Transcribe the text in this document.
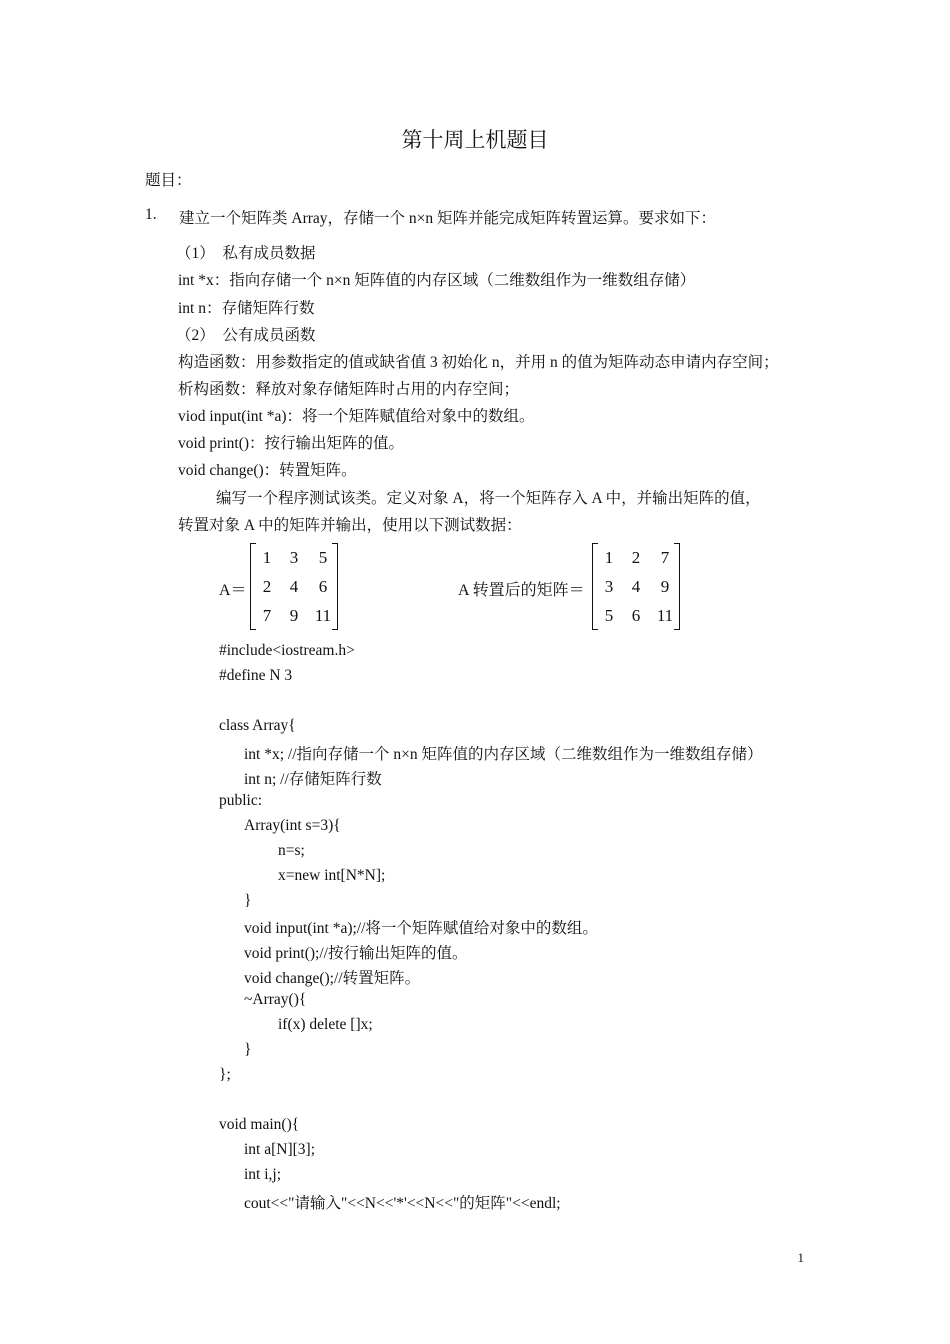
第十周上机题目
题目：
1. 建立一个矩阵类 Array，存储一个 n×n 矩阵并能完成矩阵转置运算。要求如下：
（1）　私有成员数据
int *x：指向存储一个 n×n 矩阵值的内存区域（二维数组作为一维数组存储）
int n：存储矩阵行数
（2）　公有成员函数
构造函数：用参数指定的值或缺省值 3 初始化 n，并用 n 的值为矩阵动态申请内存空间；
析构函数：释放对象存储矩阵时占用的内存空间；
viod input(int *a)：将一个矩阵赋值给对象中的数组。
void print()：按行输出矩阵的值。
void change()：转置矩阵。
编写一个程序测试该类。定义对象 A，将一个矩阵存入 A 中，并输出矩阵的值，
转置对象 A 中的矩阵并输出，使用以下测试数据：
A＝
1	3	5
2	4	6
7	9	11
A 转置后的矩阵＝
1	2	7
3	4	9
5	6	11
#include<iostream.h>
#define N 3
class Array{
int *x; //指向存储一个 n×n 矩阵值的内存区域（二维数组作为一维数组存储）
int n; //存储矩阵行数
public:
Array(int s=3){
n=s;
x=new int[N*N];
}
void input(int *a);//将一个矩阵赋值给对象中的数组。
void print();//按行输出矩阵的值。
void change();//转置矩阵。
~Array(){
if(x) delete []x;
}
};
void main(){
int a[N][3];
int i,j;
cout<<"请输入"<<N<<'*'<<N<<"的矩阵"<<endl;
1
